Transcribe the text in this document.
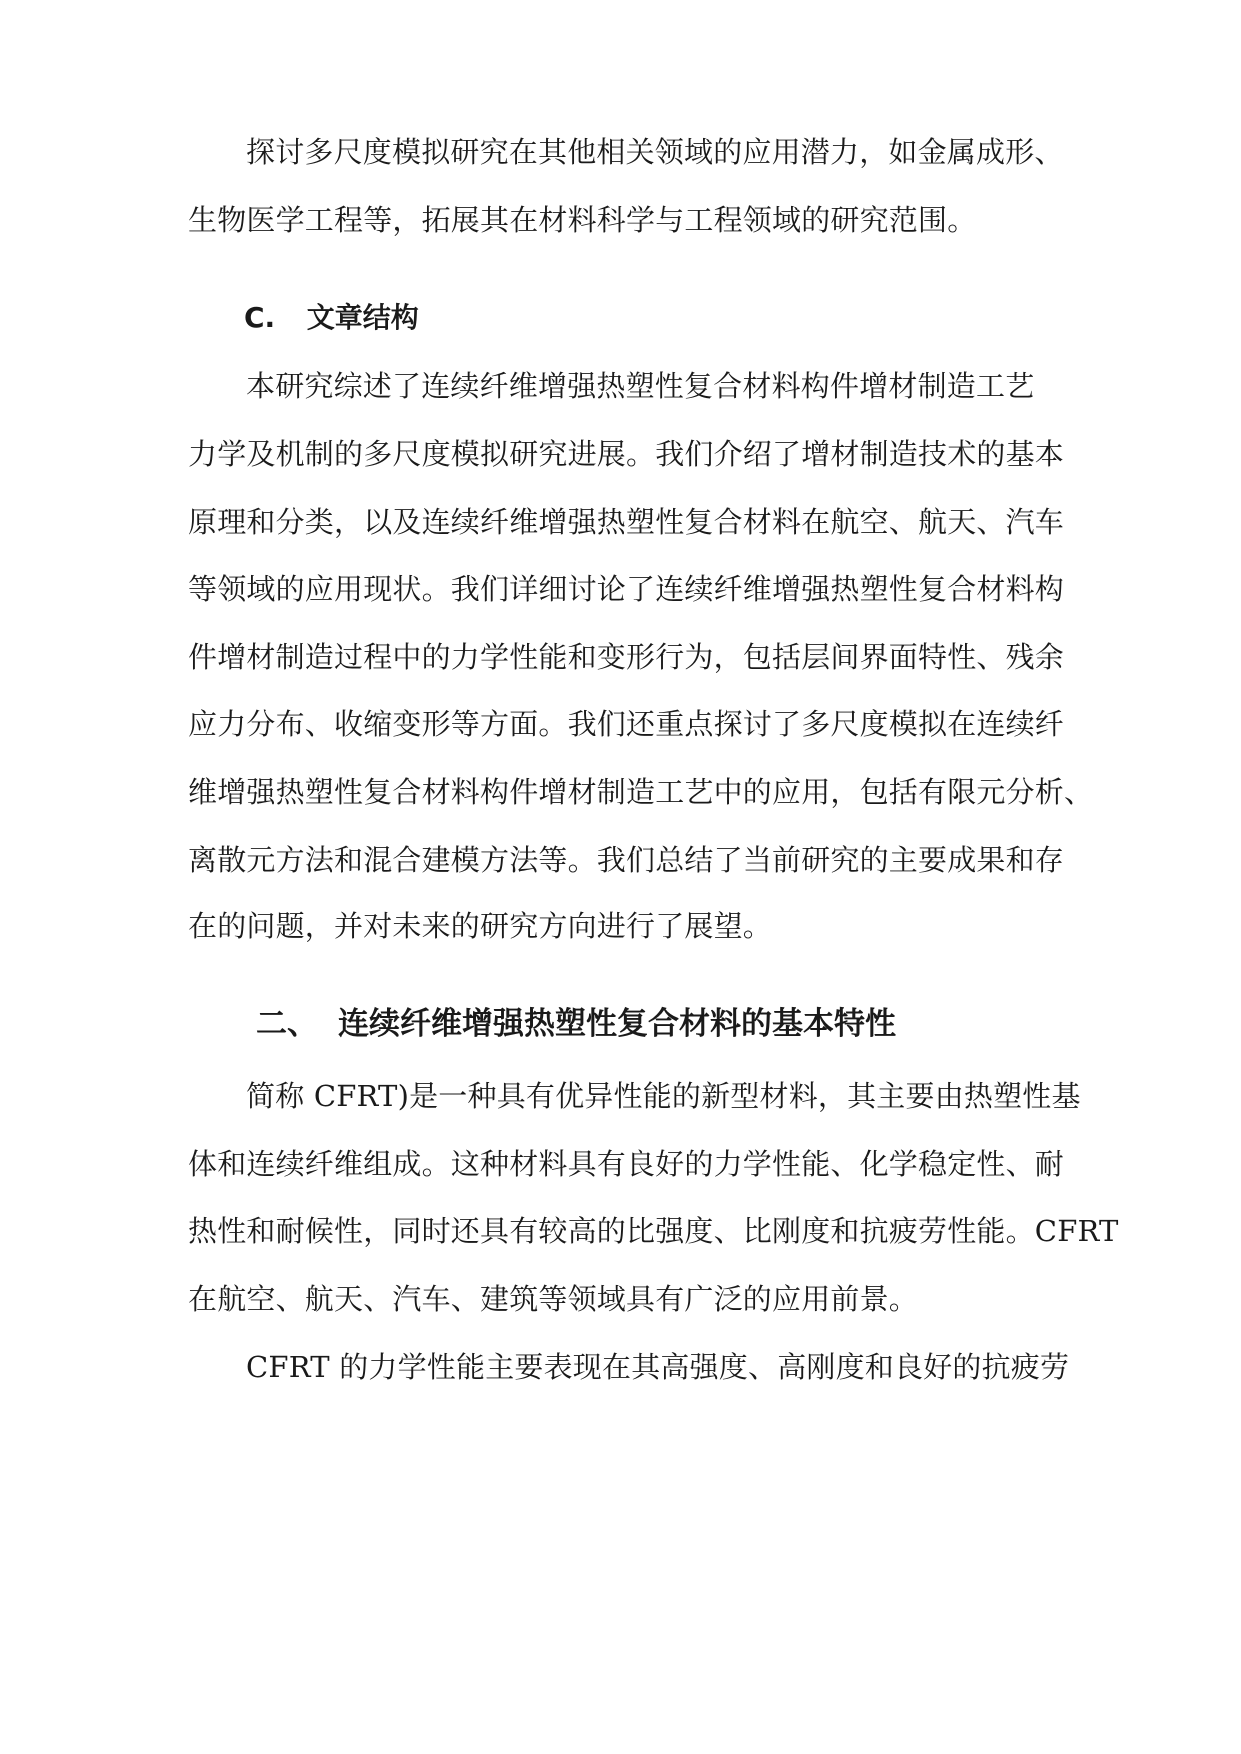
探讨多尺度模拟研究在其他相关领域的应用潜力，如金属成形、
生物医学工程等，拓展其在材料科学与工程领域的研究范围。
C. 文章结构
本研究综述了连续纤维增强热塑性复合材料构件增材制造工艺
力学及机制的多尺度模拟研究进展。我们介绍了增材制造技术的基本
原理和分类，以及连续纤维增强热塑性复合材料在航空、航天、汽车
等领域的应用现状。我们详细讨论了连续纤维增强热塑性复合材料构
件增材制造过程中的力学性能和变形行为，包括层间界面特性、残余
应力分布、收缩变形等方面。我们还重点探讨了多尺度模拟在连续纤
维增强热塑性复合材料构件增材制造工艺中的应用，包括有限元分析、
离散元方法和混合建模方法等。我们总结了当前研究的主要成果和存
在的问题，并对未来的研究方向进行了展望。
二、 连续纤维增强热塑性复合材料的基本特性
简称 CFRT)是一种具有优异性能的新型材料，其主要由热塑性基
体和连续纤维组成。这种材料具有良好的力学性能、化学稳定性、耐
热性和耐候性，同时还具有较高的比强度、比刚度和抗疲劳性能。CFRT
在航空、航天、汽车、建筑等领域具有广泛的应用前景。
CFRT 的力学性能主要表现在其高强度、高刚度和良好的抗疲劳
